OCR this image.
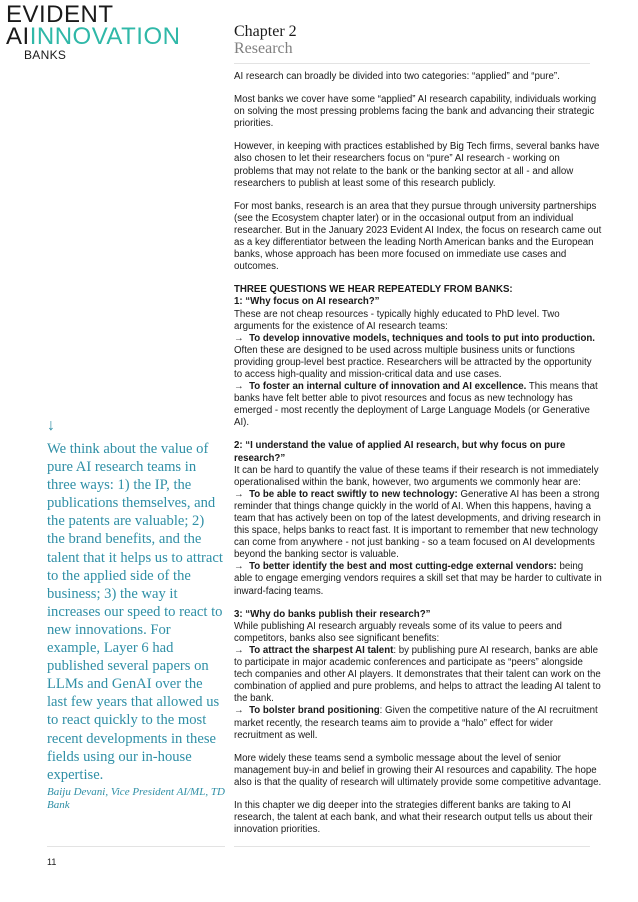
EVIDENT
AIINNOVATION
BANKS
Chapter 2
Research

AI research can broadly be divided into two categories: “applied” and “pure”.

Most banks we cover have some “applied” AI research capability, individuals working on solving the most pressing problems facing the bank and advancing their strategic priorities.

However, in keeping with practices established by Big Tech firms, several banks have also chosen to let their researchers focus on “pure” AI research - working on problems that may not relate to the bank or the banking sector at all - and allow researchers to publish at least some of this research publicly.

For most banks, research is an area that they pursue through university partnerships (see the Ecosystem chapter later) or in the occasional output from an individual researcher. But in the January 2023 Evident AI Index, the focus on research came out as a key differentiator between the leading North American banks and the European banks, whose approach has been more focused on immediate use cases and outcomes.

THREE QUESTIONS WE HEAR REPEATEDLY FROM BANKS:
1: “Why focus on AI research?”
These are not cheap resources - typically highly educated to PhD level. Two arguments for the existence of AI research teams:
→ To develop innovative models, techniques and tools to put into production. Often these are designed to be used across multiple business units or functions providing group-level best practice. Researchers will be attracted by the opportunity to access high-quality and mission-critical data and use cases.
→ To foster an internal culture of innovation and AI excellence. This means that banks have felt better able to pivot resources and focus as new technology has emerged - most recently the deployment of Large Language Models (or Generative AI).

2: “I understand the value of applied AI research, but why focus on pure research?”
It can be hard to quantify the value of these teams if their research is not immediately operationalised within the bank, however, two arguments we commonly hear are:
→ To be able to react swiftly to new technology: Generative AI has been a strong reminder that things change quickly in the world of AI. When this happens, having a team that has actively been on top of the latest developments, and driving research in this space, helps banks to react fast. It is important to remember that new technology can come from anywhere - not just banking - so a team focused on AI developments beyond the banking sector is valuable.
→ To better identify the best and most cutting-edge external vendors: being able to engage emerging vendors requires a skill set that may be harder to cultivate in inward-facing teams.

3: “Why do banks publish their research?”
While publishing AI research arguably reveals some of its value to peers and competitors, banks also see significant benefits:
→ To attract the sharpest AI talent: by publishing pure AI research, banks are able to participate in major academic conferences and participate as “peers” alongside tech companies and other AI players. It demonstrates that their talent can work on the combination of applied and pure problems, and helps to attract the leading AI talent to the bank.
→ To bolster brand positioning: Given the competitive nature of the AI recruitment market recently, the research teams aim to provide a “halo” effect for wider recruitment as well.

More widely these teams send a symbolic message about the level of senior management buy-in and belief in growing their AI resources and capability. The hope also is that the quality of research will ultimately provide some competitive advantage.

In this chapter we dig deeper into the strategies different banks are taking to AI research, the talent at each bank, and what their research output tells us about their innovation priorities.

↓
We think about the value of pure AI research teams in three ways: 1) the IP, the publications themselves, and the patents are valuable; 2) the brand benefits, and the talent that it helps us to attract to the applied side of the business; 3) the way it increases our speed to react to new innovations. For example, Layer 6 had published several papers on LLMs and GenAI over the last few years that allowed us to react quickly to the most recent developments in these fields using our in-house expertise.
Baiju Devani, Vice President AI/ML, TD Bank
11
